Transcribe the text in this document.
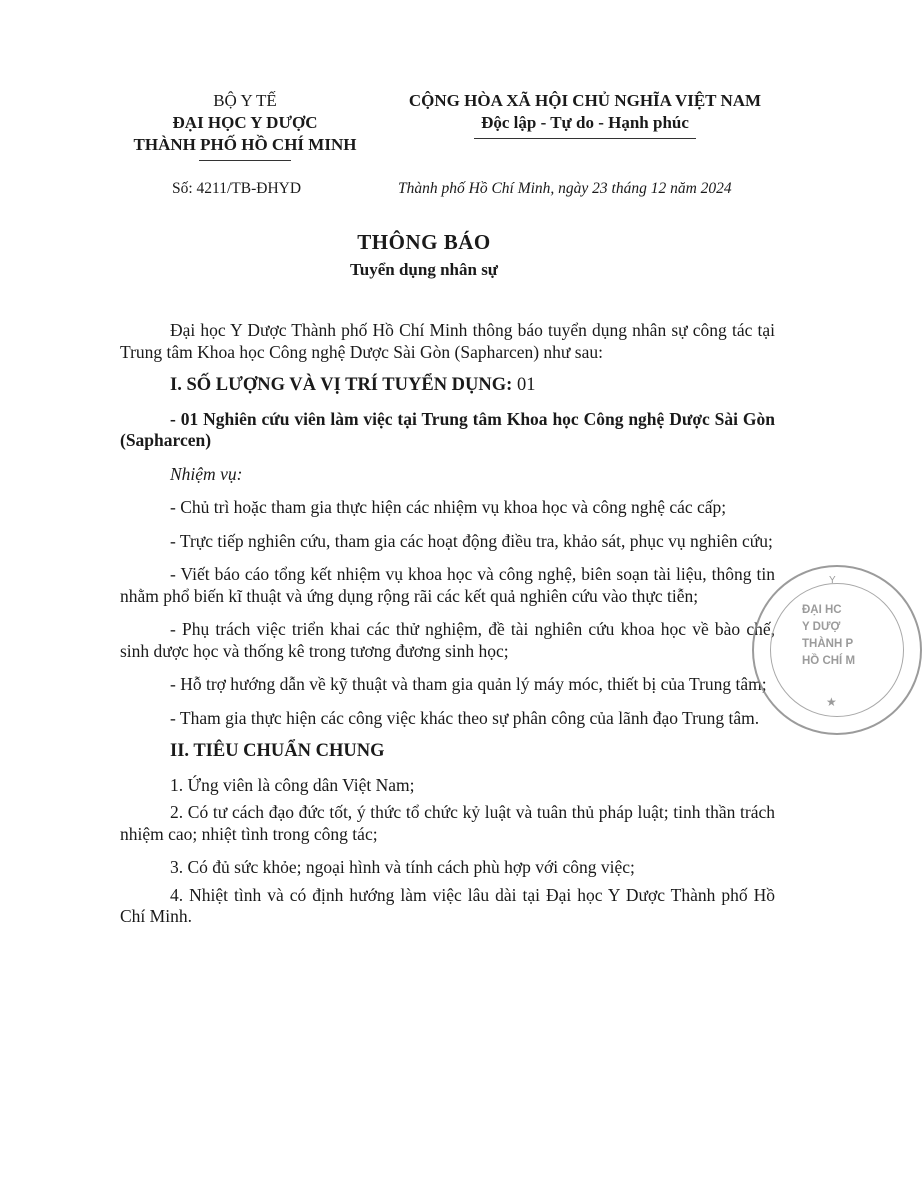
BỘ Y TẾ
ĐẠI HỌC Y DƯỢC
THÀNH PHỐ HỒ CHÍ MINH
CỘNG HÒA XÃ HỘI CHỦ NGHĨA VIỆT NAM
Độc lập - Tự do - Hạnh phúc
Số: 4211/TB-ĐHYD	Thành phố Hồ Chí Minh, ngày 23 tháng 12 năm 2024
THÔNG BÁO
Tuyển dụng nhân sự

Đại học Y Dược Thành phố Hồ Chí Minh thông báo tuyển dụng nhân sự công tác tại Trung tâm Khoa học Công nghệ Dược Sài Gòn (Sapharcen) như sau:

I. SỐ LƯỢNG VÀ VỊ TRÍ TUYỂN DỤNG: 01

- 01 Nghiên cứu viên làm việc tại Trung tâm Khoa học Công nghệ Dược Sài Gòn (Sapharcen)

Nhiệm vụ:

- Chủ trì hoặc tham gia thực hiện các nhiệm vụ khoa học và công nghệ các cấp;

- Trực tiếp nghiên cứu, tham gia các hoạt động điều tra, khảo sát, phục vụ nghiên cứu;

- Viết báo cáo tổng kết nhiệm vụ khoa học và công nghệ, biên soạn tài liệu, thông tin nhằm phổ biến kĩ thuật và ứng dụng rộng rãi các kết quả nghiên cứu vào thực tiễn;

- Phụ trách việc triển khai các thử nghiệm, đề tài nghiên cứu khoa học về bào chế, sinh dược học và thống kê trong tương đương sinh học;

- Hỗ trợ hướng dẫn về kỹ thuật và tham gia quản lý máy móc, thiết bị của Trung tâm;

- Tham gia thực hiện các công việc khác theo sự phân công của lãnh đạo Trung tâm.

II. TIÊU CHUẨN CHUNG

1. Ứng viên là công dân Việt Nam;

2. Có tư cách đạo đức tốt, ý thức tổ chức kỷ luật và tuân thủ pháp luật; tinh thần trách nhiệm cao; nhiệt tình trong công tác;

3. Có đủ sức khỏe; ngoại hình và tính cách phù hợp với công việc;

4. Nhiệt tình và có định hướng làm việc lâu dài tại Đại học Y Dược Thành phố Hồ Chí Minh.

Y
ĐẠI HC
Y DƯỢ
THÀNH P
HỒ CHÍ M
★
